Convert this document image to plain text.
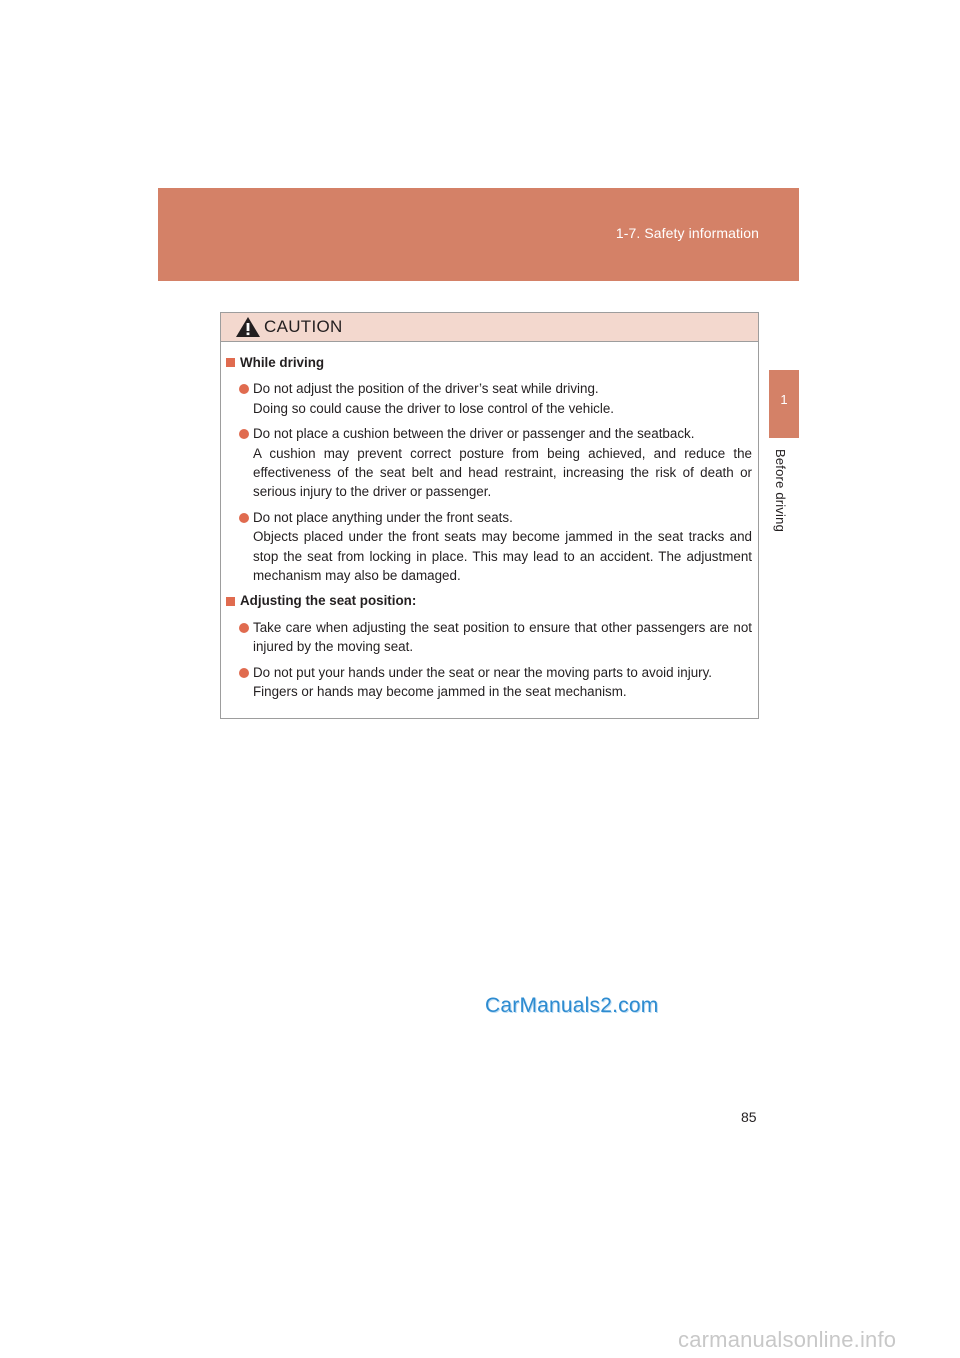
1-7. Safety information
1
Before driving
CAUTION
While driving

Do not adjust the position of the driver’s seat while driving.

Doing so could cause the driver to lose control of the vehicle.

Do not place a cushion between the driver or passenger and the seatback.

A cushion may prevent correct posture from being achieved, and reduce the effectiveness of the seat belt and head restraint, increasing the risk of death or serious injury to the driver or passenger.

Do not place anything under the front seats.

Objects placed under the front seats may become jammed in the seat tracks and stop the seat from locking in place. This may lead to an accident. The adjustment mechanism may also be damaged.

Adjusting the seat position:

Take care when adjusting the seat position to ensure that other passengers are not injured by the moving seat.

Do not put your hands under the seat or near the moving parts to avoid injury.

Fingers or hands may become jammed in the seat mechanism.

CarManuals2.com
85
carmanualsonline.info
